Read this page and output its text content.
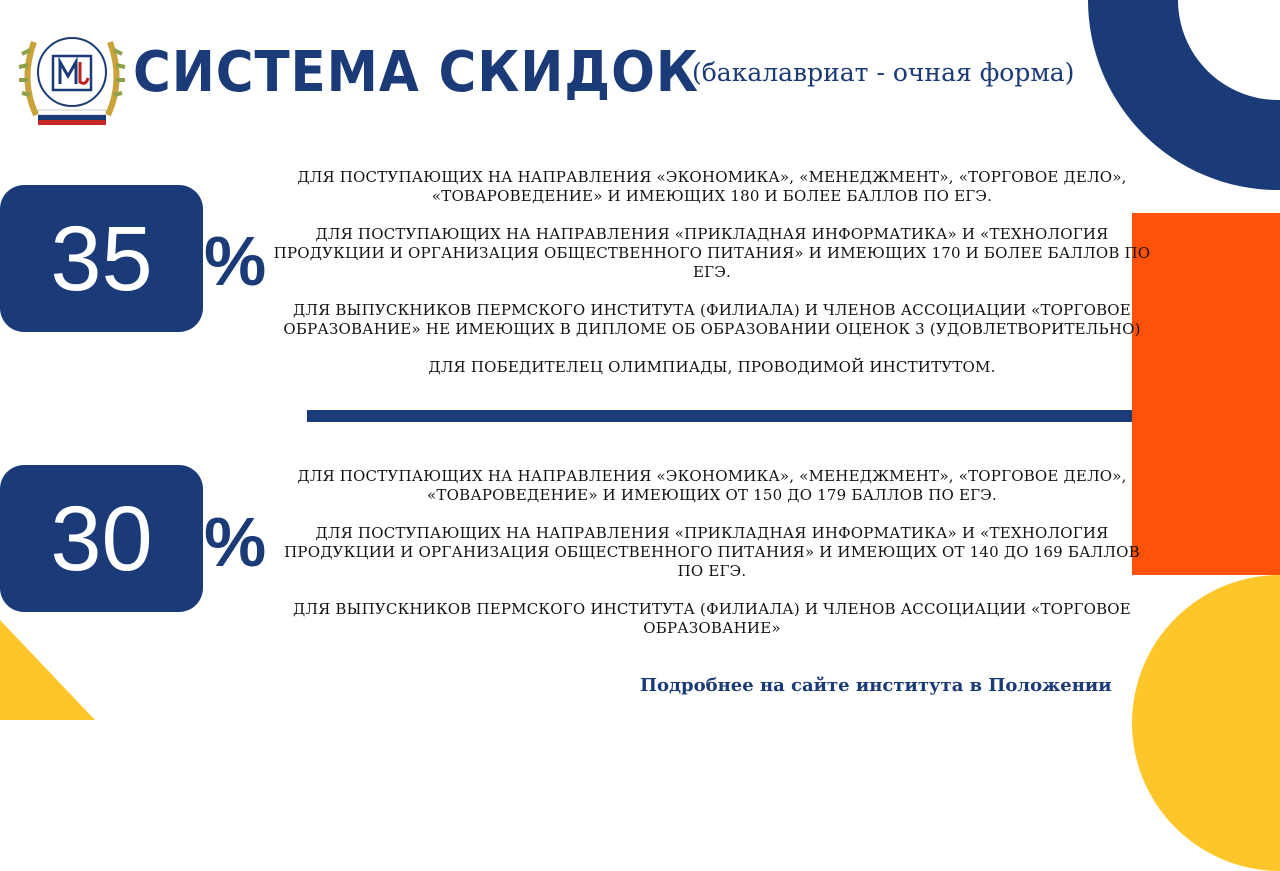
СИСТЕМА СКИДОК
(бакалавриат - очная форма)
35 %

ДЛЯ ПОСТУПАЮЩИХ НА НАПРАВЛЕНИЯ «ЭКОНОМИКА», «МЕНЕДЖМЕНТ», «ТОРГОВОЕ ДЕЛО», «ТОВАРОВЕДЕНИЕ» И ИМЕЮЩИХ 180 И БОЛЕЕ БАЛЛОВ ПО ЕГЭ.

ДЛЯ ПОСТУПАЮЩИХ НА НАПРАВЛЕНИЯ «ПРИКЛАДНАЯ ИНФОРМАТИКА» И «ТЕХНОЛОГИЯ ПРОДУКЦИИ И ОРГАНИЗАЦИЯ ОБЩЕСТВЕННОГО ПИТАНИЯ» И ИМЕЮЩИХ 170 И БОЛЕЕ БАЛЛОВ ПО ЕГЭ.

ДЛЯ ВЫПУСКНИКОВ ПЕРМСКОГО ИНСТИТУТА (ФИЛИАЛА) И ЧЛЕНОВ АССОЦИАЦИИ «ТОРГОВОЕ ОБРАЗОВАНИЕ» НЕ ИМЕЮЩИХ В ДИПЛОМЕ ОБ ОБРАЗОВАНИИ ОЦЕНОК 3 (УДОВЛЕТВОРИТЕЛЬНО)

ДЛЯ ПОБЕДИТЕЛЕЦ ОЛИМПИАДЫ, ПРОВОДИМОЙ ИНСТИТУТОМ.

30 %

ДЛЯ ПОСТУПАЮЩИХ НА НАПРАВЛЕНИЯ «ЭКОНОМИКА», «МЕНЕДЖМЕНТ», «ТОРГОВОЕ ДЕЛО», «ТОВАРОВЕДЕНИЕ» И ИМЕЮЩИХ ОТ 150 ДО 179 БАЛЛОВ ПО ЕГЭ.

ДЛЯ ПОСТУПАЮЩИХ НА НАПРАВЛЕНИЯ «ПРИКЛАДНАЯ ИНФОРМАТИКА» И «ТЕХНОЛОГИЯ ПРОДУКЦИИ И ОРГАНИЗАЦИЯ ОБЩЕСТВЕННОГО ПИТАНИЯ» И ИМЕЮЩИХ ОТ 140 ДО 169 БАЛЛОВ ПО ЕГЭ.

ДЛЯ ВЫПУСКНИКОВ ПЕРМСКОГО ИНСТИТУТА (ФИЛИАЛА) И ЧЛЕНОВ АССОЦИАЦИИ «ТОРГОВОЕ ОБРАЗОВАНИЕ»

Подробнее на сайте института в Положении
